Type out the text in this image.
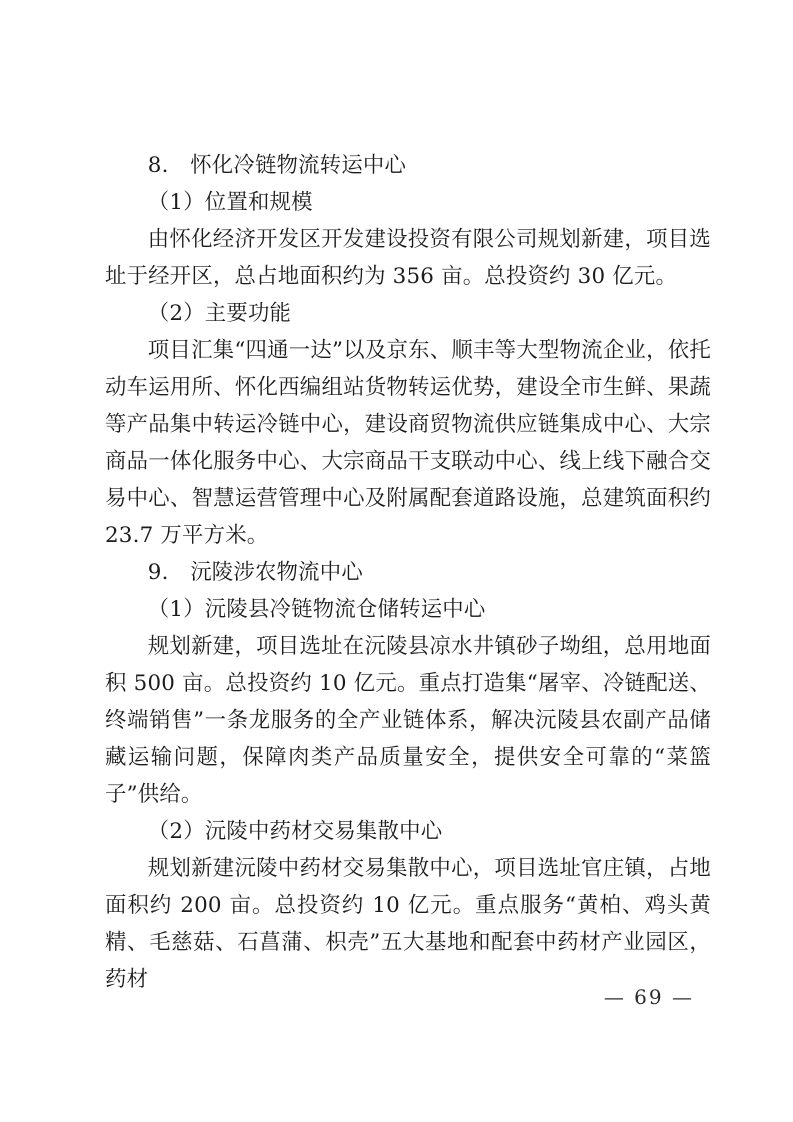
8.　怀化冷链物流转运中心

（1）位置和规模

由怀化经济开发区开发建设投资有限公司规划新建，项目选址于经开区，总占地面积约为 356 亩。总投资约 30 亿元。

（2）主要功能

项目汇集“四通一达”以及京东、顺丰等大型物流企业，依托动车运用所、怀化西编组站货物转运优势，建设全市生鲜、果蔬等产品集中转运冷链中心，建设商贸物流供应链集成中心、大宗商品一体化服务中心、大宗商品干支联动中心、线上线下融合交易中心、智慧运营管理中心及附属配套道路设施，总建筑面积约 23.7 万平方米。

9.　沅陵涉农物流中心

（1）沅陵县冷链物流仓储转运中心

规划新建，项目选址在沅陵县凉水井镇砂子坳组，总用地面积 500 亩。总投资约 10 亿元。重点打造集“屠宰、冷链配送、终端销售”一条龙服务的全产业链体系，解决沅陵县农副产品储藏运输问题，保障肉类产品质量安全，提供安全可靠的“菜篮子”供给。

（2）沅陵中药材交易集散中心

规划新建沅陵中药材交易集散中心，项目选址官庄镇，占地面积约 200 亩。总投资约 10 亿元。重点服务“黄柏、鸡头黄精、毛慈菇、石菖蒲、枳壳”五大基地和配套中药材产业园区，药材

— 69 —
